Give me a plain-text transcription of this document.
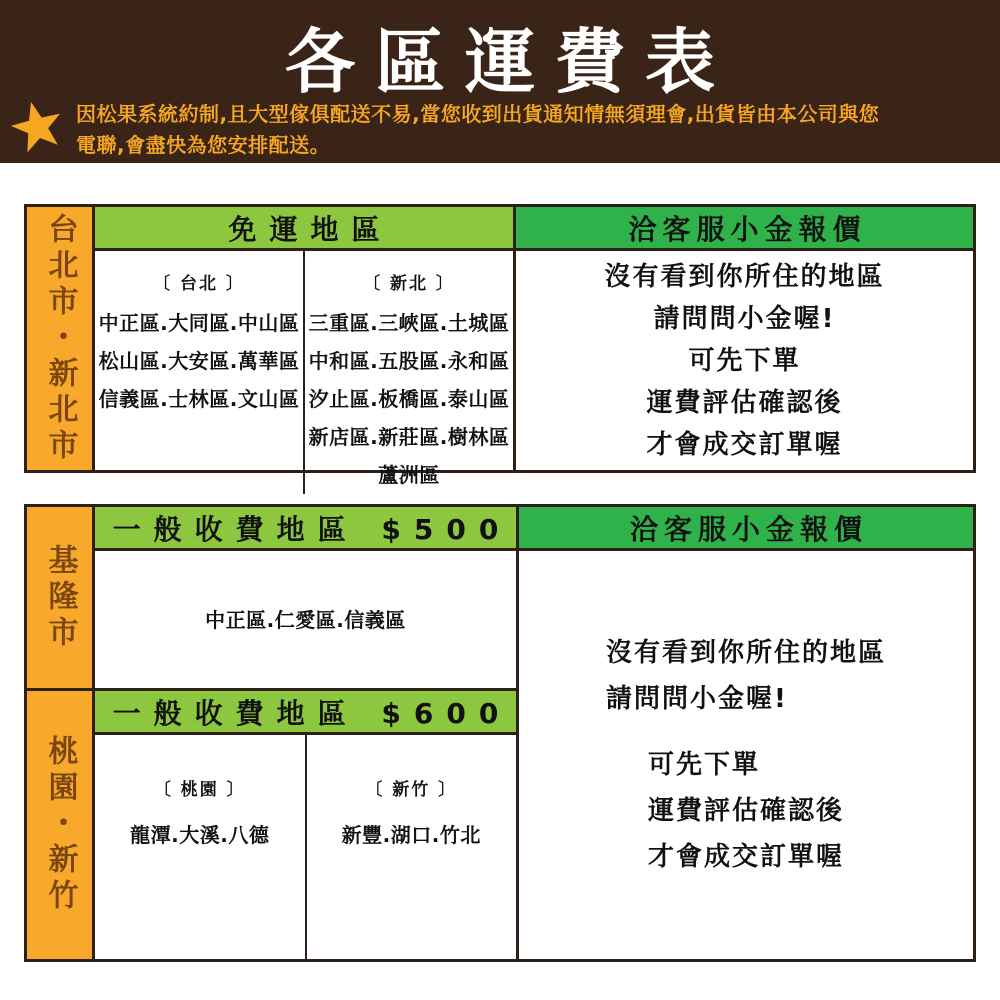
各區運費表
因松果系統約制,且大型傢俱配送不易,當您收到出貨通知情無須理會,出貨皆由本公司與您
電聯,會盡快為您安排配送。
台北市・新北市	免運地區
〔 台北 〕
中正區.大同區.中山區
松山區.大安區.萬華區
信義區.士林區.文山區
〔 新北 〕
三重區.三峽區.土城區
中和區.五股區.永和區
汐止區.板橋區.泰山區
新店區.新莊區.樹林區
蘆洲區
洽客服小金報價
沒有看到你所住的地區
請問問小金喔!
可先下單
運費評估確認後
才會成交訂單喔
基隆市
一般收費地區 $500
中正區.仁愛區.信義區
桃園・新竹
一般收費地區 $600
〔 桃園 〕
龍潭.大溪.八德
〔 新竹 〕
新豐.湖口.竹北
洽客服小金報價
沒有看到你所住的地區
請問問小金喔!
可先下單
運費評估確認後
才會成交訂單喔
